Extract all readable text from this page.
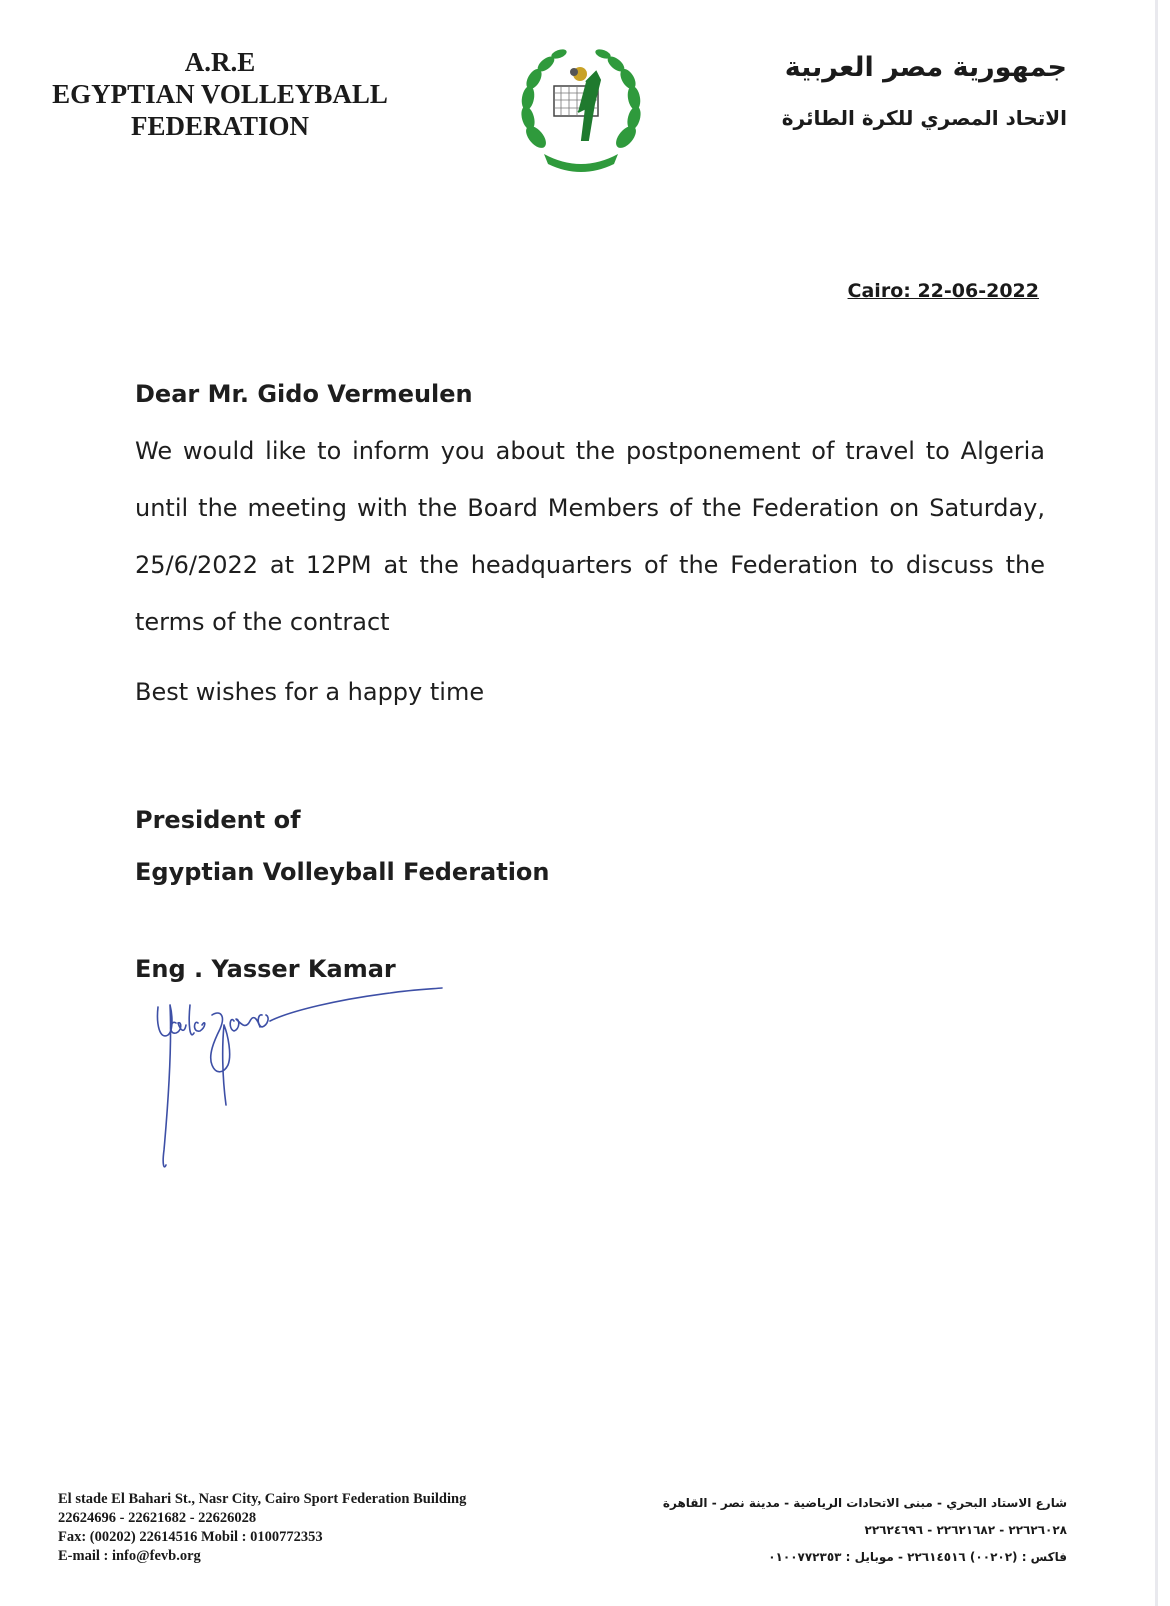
A.R.E
EGYPTIAN VOLLEYBALL
FEDERATION
جمهورية مصر العربية
الاتحاد المصري للكرة الطائرة
Cairo: 22-06-2022
Dear Mr. Gido Vermeulen
We would like to inform you about the postponement of travel to Algeria until the meeting with the Board Members of the Federation on Saturday, 25/6/2022 at 12PM at the headquarters of the Federation to discuss the terms of the contract
Best wishes for a happy time
President of
Egyptian Volleyball Federation
Eng . Yasser Kamar
El stade El Bahari St., Nasr City, Cairo Sport Federation Building
22624696 - 22621682 - 22626028
Fax: (00202) 22614516 Mobil : 0100772353
E-mail : info@fevb.org
شارع الاستاد البحري - مبنى الاتحادات الرياضية - مدينة نصر - القاهرة
٢٢٦٢٦٠٢٨ - ٢٢٦٢١٦٨٢ - ٢٢٦٢٤٦٩٦
فاكس : (٠٠٢٠٢) ٢٢٦١٤٥١٦ - موبايل : ٠١٠٠٧٧٢٣٥٣
